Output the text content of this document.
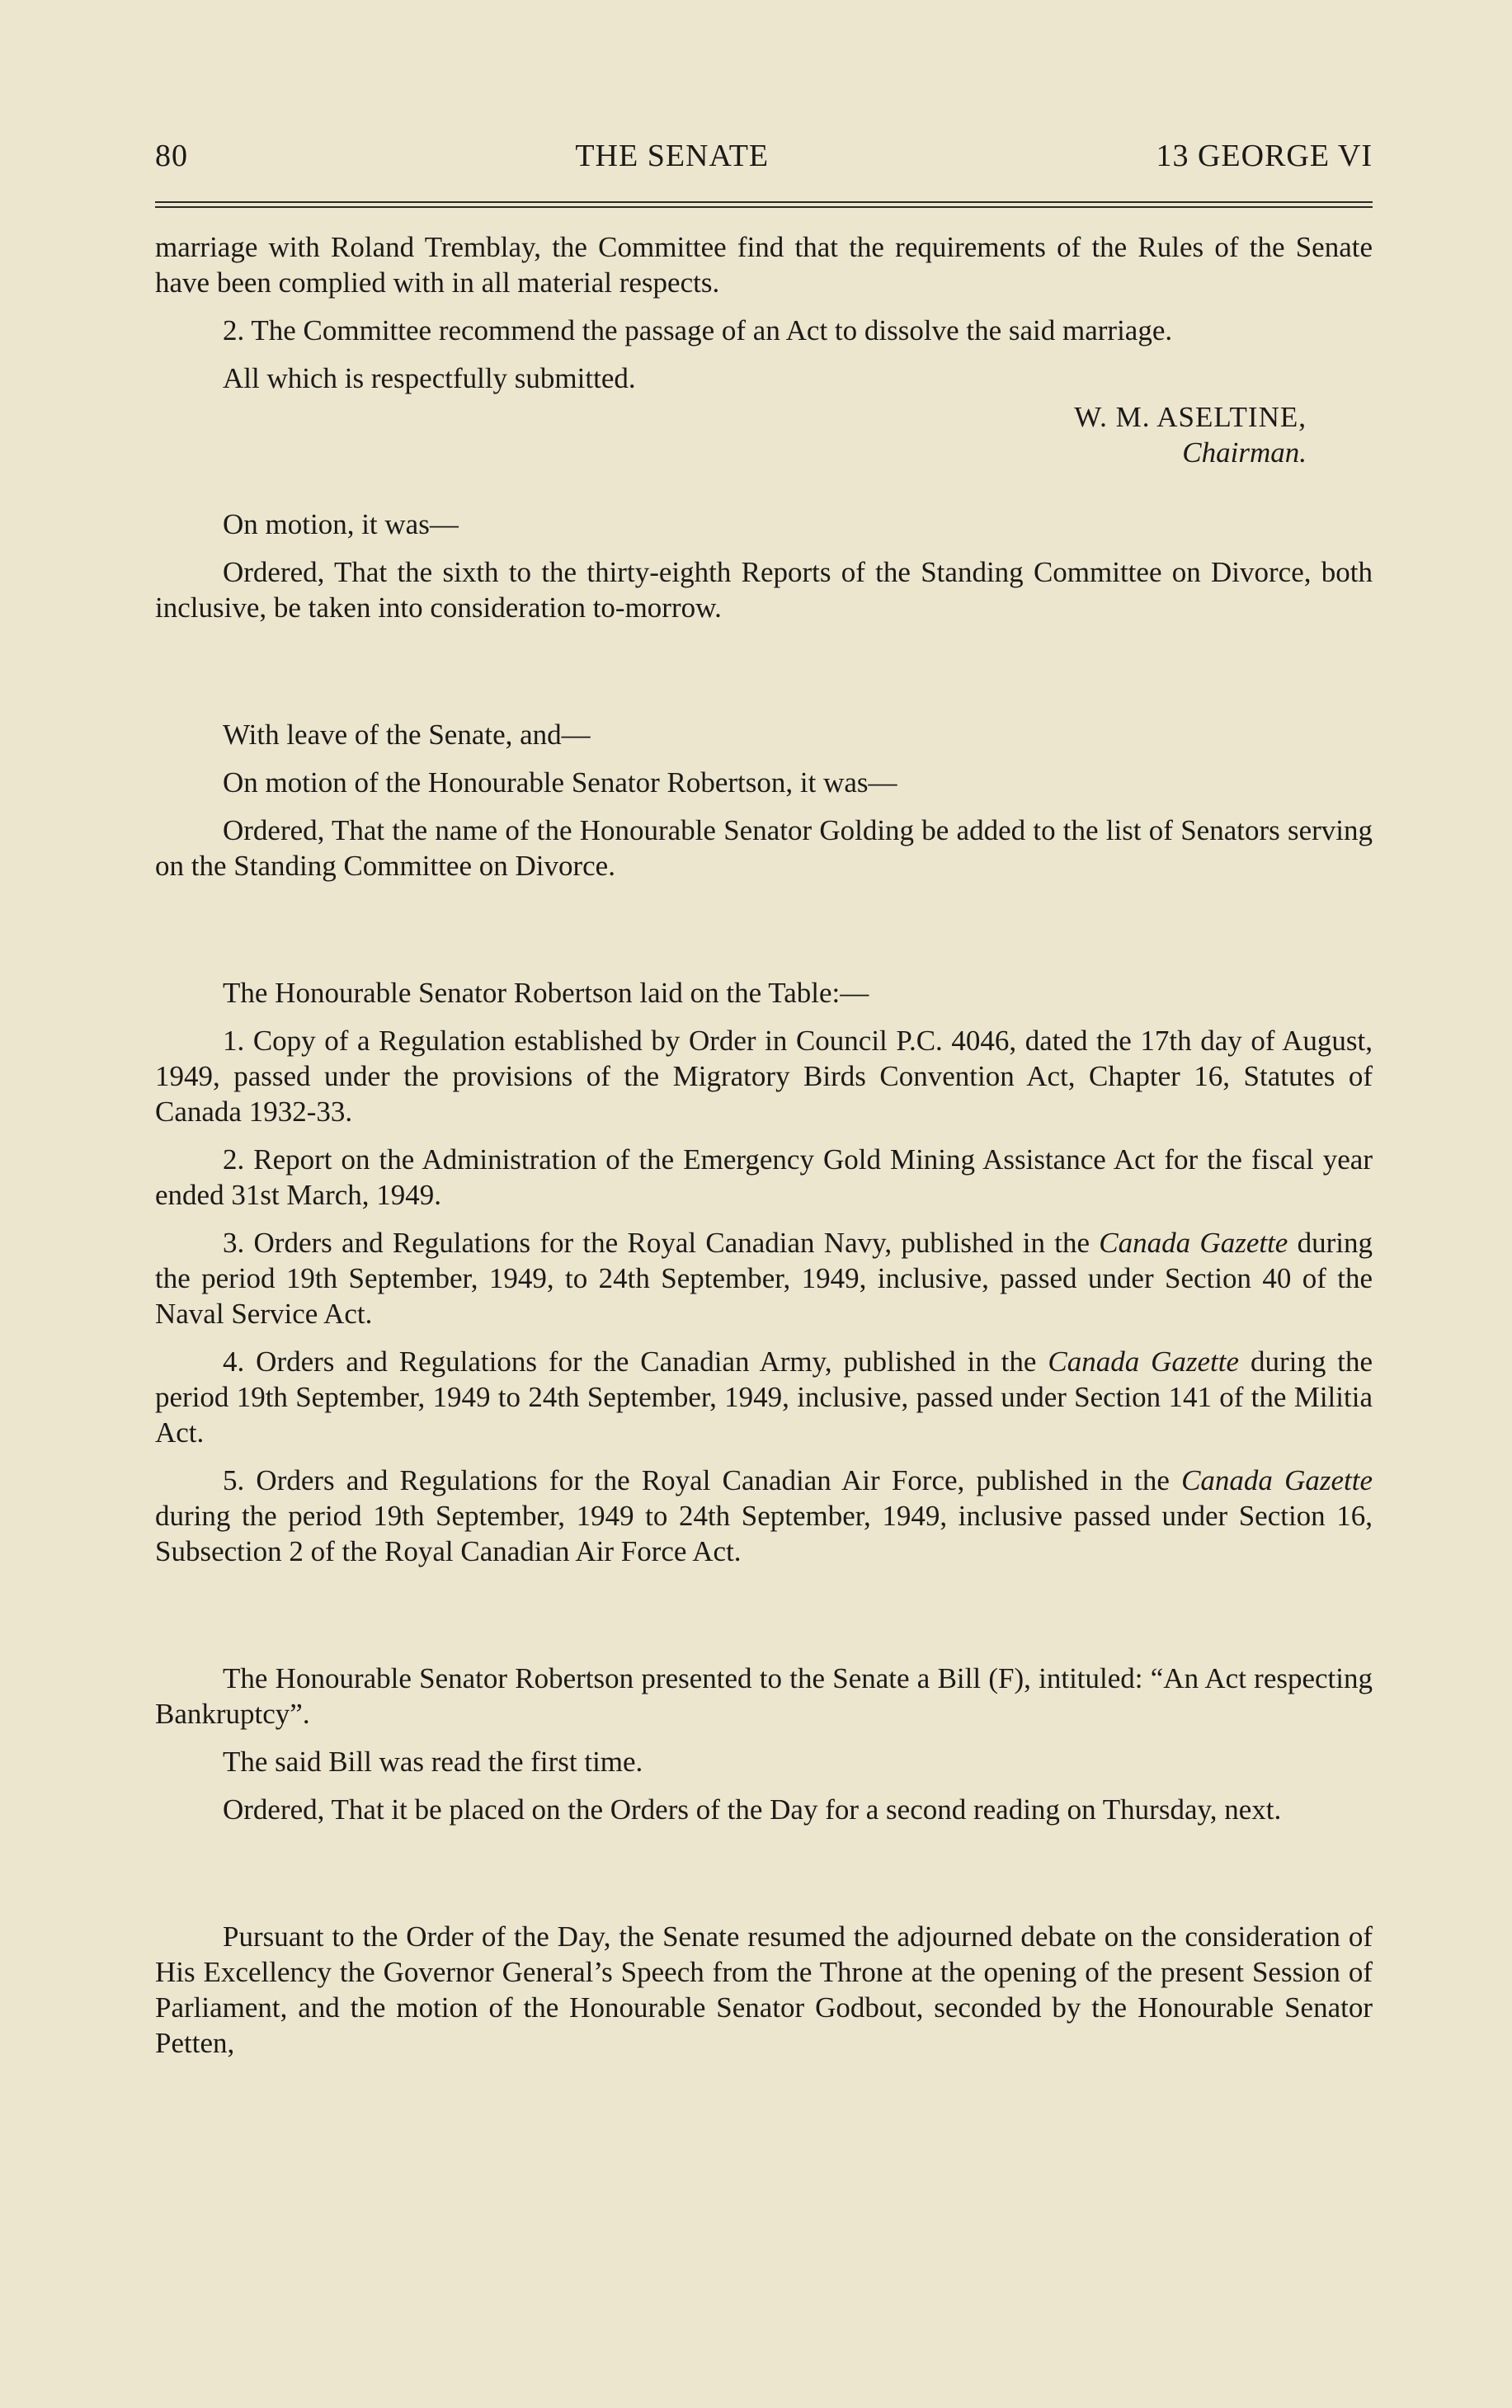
80	THE SENATE	13 GEORGE VI

marriage with Roland Tremblay, the Committee find that the requirements of the Rules of the Senate have been complied with in all material respects.

2. The Committee recommend the passage of an Act to dissolve the said marriage.

All which is respectfully submitted.

W. M. ASELTINE,
Chairman.

On motion, it was—

Ordered, That the sixth to the thirty-eighth Reports of the Standing Committee on Divorce, both inclusive, be taken into consideration to-morrow.

With leave of the Senate, and—

On motion of the Honourable Senator Robertson, it was—

Ordered, That the name of the Honourable Senator Golding be added to the list of Senators serving on the Standing Committee on Divorce.

The Honourable Senator Robertson laid on the Table:—

1. Copy of a Regulation established by Order in Council P.C. 4046, dated the 17th day of August, 1949, passed under the provisions of the Migratory Birds Convention Act, Chapter 16, Statutes of Canada 1932-33.

2. Report on the Administration of the Emergency Gold Mining Assistance Act for the fiscal year ended 31st March, 1949.

3. Orders and Regulations for the Royal Canadian Navy, published in the Canada Gazette during the period 19th September, 1949, to 24th September, 1949, inclusive, passed under Section 40 of the Naval Service Act.

4. Orders and Regulations for the Canadian Army, published in the Canada Gazette during the period 19th September, 1949 to 24th September, 1949, inclusive, passed under Section 141 of the Militia Act.

5. Orders and Regulations for the Royal Canadian Air Force, published in the Canada Gazette during the period 19th September, 1949 to 24th September, 1949, inclusive passed under Section 16, Subsection 2 of the Royal Canadian Air Force Act.

The Honourable Senator Robertson presented to the Senate a Bill (F), intituled: “An Act respecting Bankruptcy”.

The said Bill was read the first time.

Ordered, That it be placed on the Orders of the Day for a second reading on Thursday, next.

Pursuant to the Order of the Day, the Senate resumed the adjourned debate on the consideration of His Excellency the Governor General’s Speech from the Throne at the opening of the present Session of Parliament, and the motion of the Honourable Senator Godbout, seconded by the Honourable Senator Petten,
